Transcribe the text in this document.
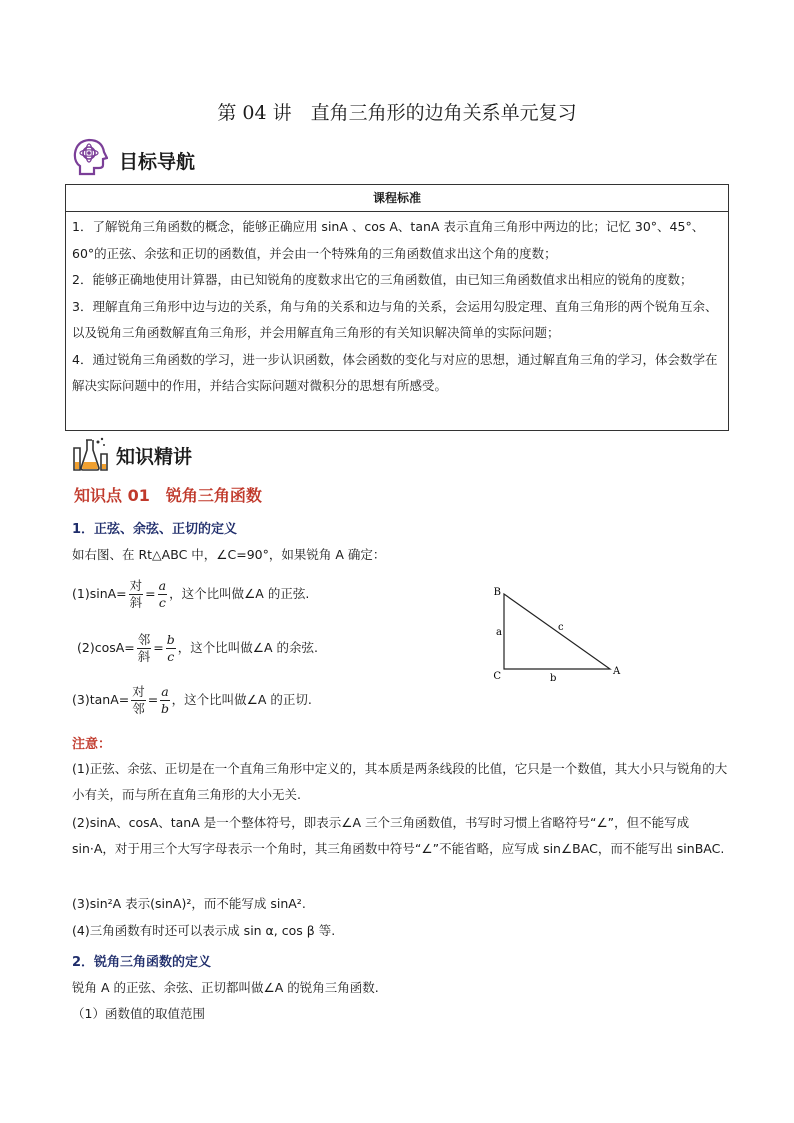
第 04 讲　直角三角形的边角关系单元复习
目标导航
课程标准
1．了解锐角三角函数的概念，能够正确应用 sinA 、cos A、tanA 表示直角三角形中两边的比；记忆 30°、45°、60°的正弦、余弦和正切的函数值，并会由一个特殊角的三角函数值求出这个角的度数；
2．能够正确地使用计算器，由已知锐角的度数求出它的三角函数值，由已知三角函数值求出相应的锐角的度数；
3．理解直角三角形中边与边的关系，角与角的关系和边与角的关系，会运用勾股定理、直角三角形的两个锐角互余、以及锐角三角函数解直角三角形，并会用解直角三角形的有关知识解决简单的实际问题；
4．通过锐角三角函数的学习，进一步认识函数，体会函数的变化与对应的思想，通过解直角三角的学习，体会数学在解决实际问题中的作用，并结合实际问题对微积分的思想有所感受。
知识精讲
知识点 01　锐角三角函数
1．正弦、余弦、正切的定义
如右图、在 Rt△ABC 中，∠C=90°，如果锐角 A 确定：
$(1)\sin A= \frac{\text{对}}{\text{斜}} = \frac{a}{c}$ ，这个比叫做∠A 的正弦.
$(2)\cos A= \frac{\text{邻}}{\text{斜}} = \frac{b}{c}$ ，这个比叫做∠A 的余弦.
$(3)\tan A= \frac{\text{对}}{\text{邻}} = \frac{a}{b}$ ，这个比叫做∠A 的正切.
B
C	A
a
b
c
注意：
(1)正弦、余弦、正切是在一个直角三角形中定义的，其本质是两条线段的比值，它只是一个数值，其大小只与锐角的大小有关，而与所在直角三角形的大小无关.
(2)sinA、cosA、tanA 是一个整体符号，即表示∠A 三个三角函数值，书写时习惯上省略符号“∠”，但不能写成 sin·A，对于用三个大写字母表示一个角时，其三角函数中符号“∠”不能省略，应写成 sin∠BAC，而不能写出 sinBAC.
(3)sin²A 表示(sinA)²，而不能写成 sinA².
(4)三角函数有时还可以表示成 sin α, cos β 等.
2．锐角三角函数的定义
锐角 A 的正弦、余弦、正切都叫做∠A 的锐角三角函数.
（1）函数值的取值范围
